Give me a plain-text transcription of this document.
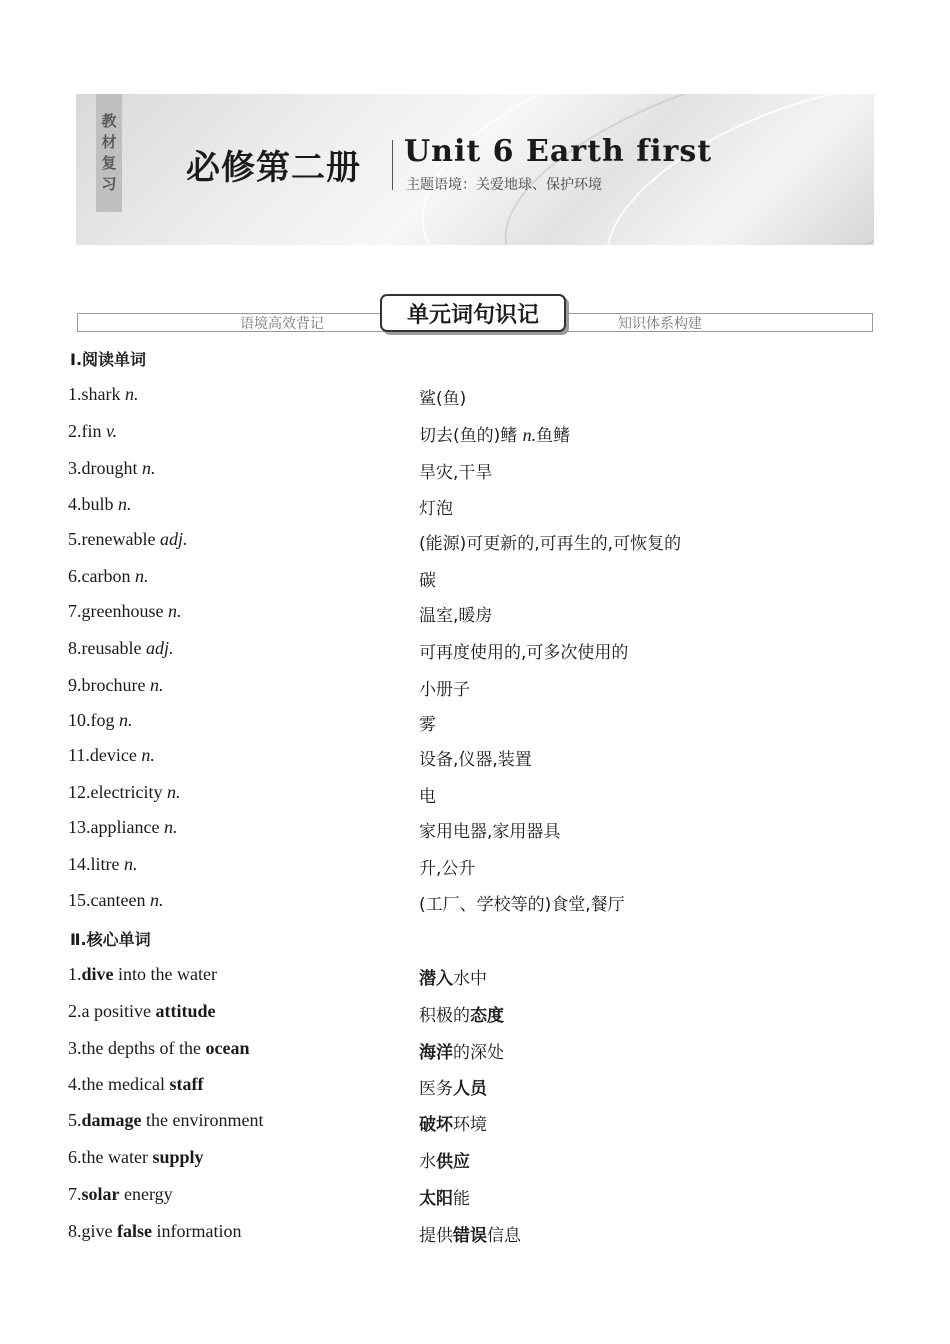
教
材
复
习 必修第二册 Unit 6 Earth first
主题语境：关爱地球、保护环境
语境高效背记	知识体系构建
单元词句识记
Ⅰ.阅读单词
1.shark n.	鲨(鱼)
2.fin v.	切去(鱼的)鳍 n.鱼鳍
3.drought n.	旱灾,干旱
4.bulb n.	灯泡
5.renewable adj.	(能源)可更新的,可再生的,可恢复的
6.carbon n.	碳
7.greenhouse n.	温室,暖房
8.reusable adj.	可再度使用的,可多次使用的
9.brochure n.	小册子
10.fog n.	雾
11.device n.	设备,仪器,装置
12.electricity n.	电
13.appliance n.	家用电器,家用器具
14.litre n.	升,公升
15.canteen n.	(工厂、学校等的)食堂,餐厅
Ⅱ.核心单词
1.dive into the water	潜入水中
2.a positive attitude	积极的态度
3.the depths of the ocean	海洋的深处
4.the medical staff	医务人员
5.damage the environment	破坏环境
6.the water supply	水供应
7.solar energy	太阳能
8.give false information	提供错误信息
